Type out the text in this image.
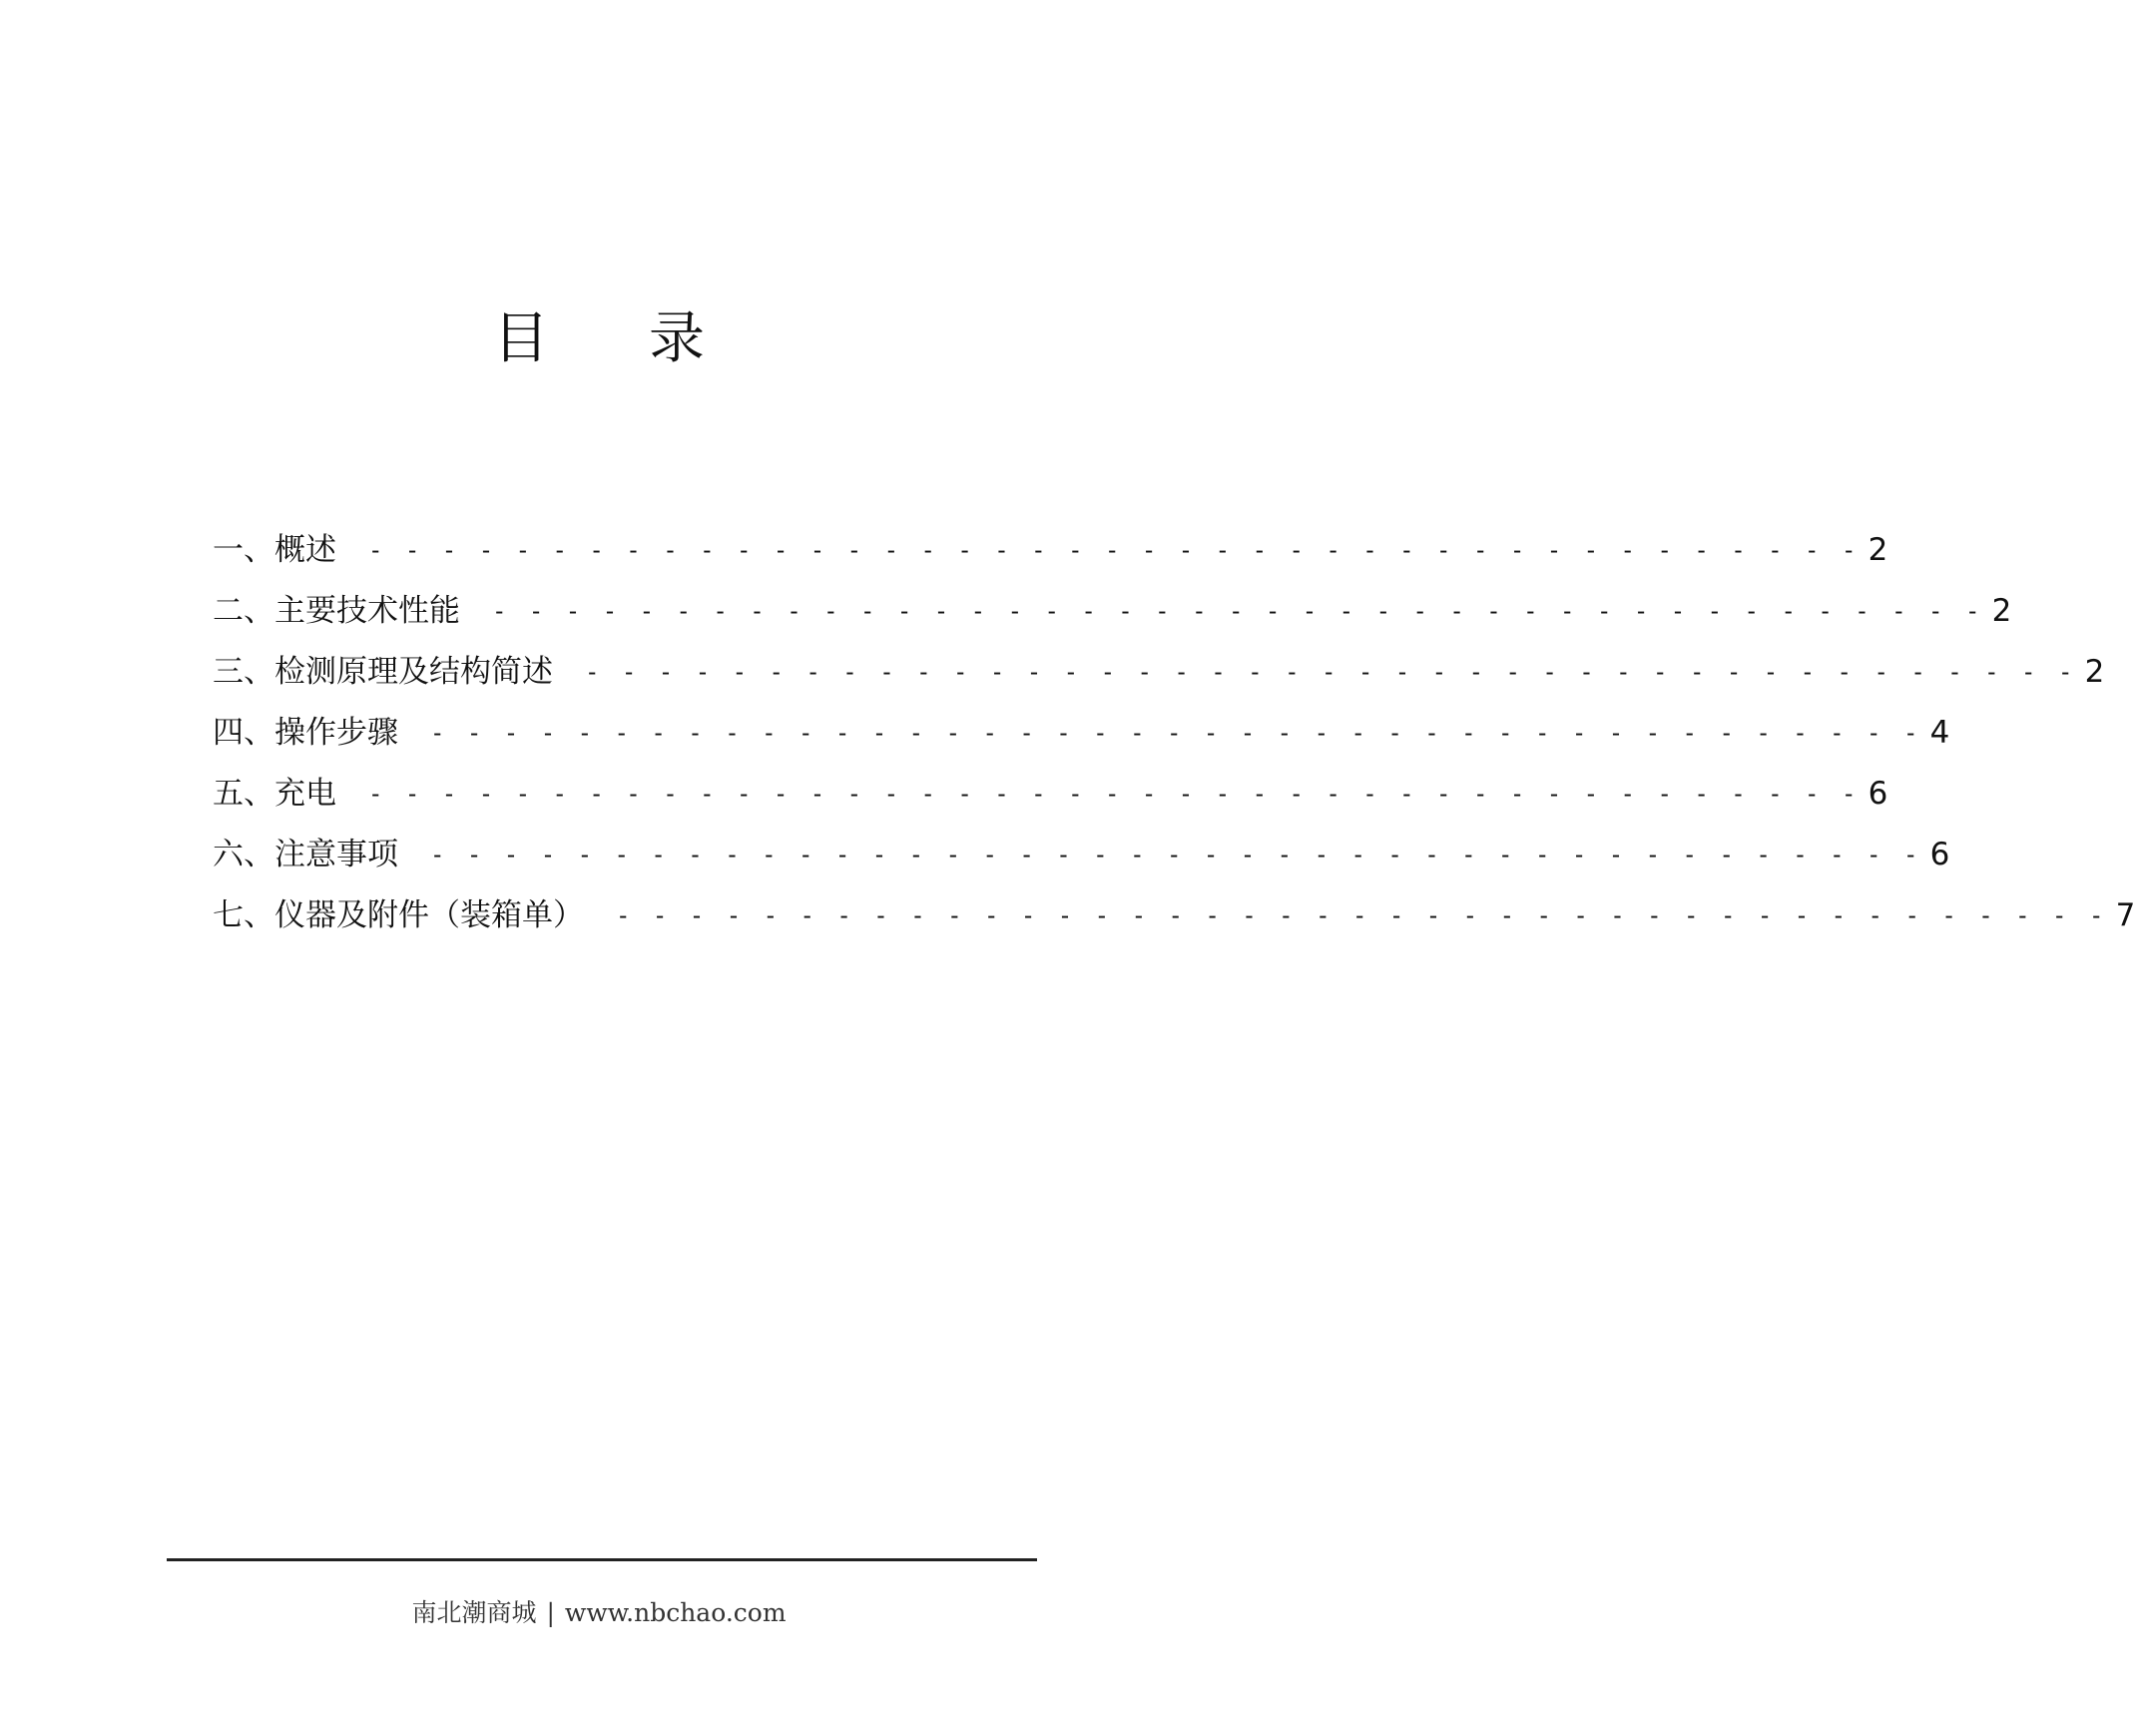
目 录
一、概述 - - - - - - - - - - - - - - - - - - - - - - - - - - - - - - - - - - - - - - - - - 2
二、主要技术性能 - - - - - - - - - - - - - - - - - - - - - - - - - - - - - - - - - - - - - - - - - 2
三、检测原理及结构简述 - - - - - - - - - - - - - - - - - - - - - - - - - - - - - - - - - - - - - - - - - 2
四、操作步骤 - - - - - - - - - - - - - - - - - - - - - - - - - - - - - - - - - - - - - - - - - 4
五、充电 - - - - - - - - - - - - - - - - - - - - - - - - - - - - - - - - - - - - - - - - - 6
六、注意事项 - - - - - - - - - - - - - - - - - - - - - - - - - - - - - - - - - - - - - - - - - 6
七、仪器及附件（装箱单） - - - - - - - - - - - - - - - - - - - - - - - - - - - - - - - - - - - - - - - - - 7
南北潮商城 | www.nbchao.com
